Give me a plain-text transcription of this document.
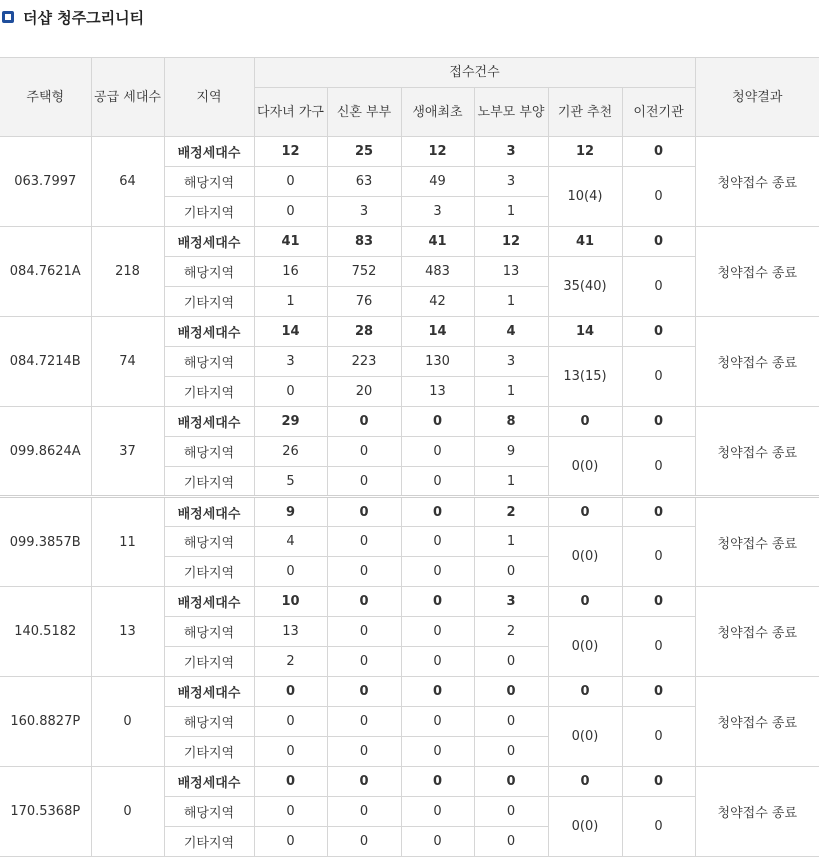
더샵 청주그리니티
주택형	공급 세대수	지역	접수건수						청약결과
			다자녀 가구	신혼 부부	생애최초	노부모 부양	기관 추천	이전기관	
063.7997	64	배정세대수	12	25	12	3	12	0	청약접수 종료
		해당지역	0	63	49	3	10(4)	0	
		기타지역	0	3	3	1			
084.7621A	218	배정세대수	41	83	41	12	41	0	청약접수 종료
		해당지역	16	752	483	13	35(40)	0	
		기타지역	1	76	42	1			
084.7214B	74	배정세대수	14	28	14	4	14	0	청약접수 종료
		해당지역	3	223	130	3	13(15)	0	
		기타지역	0	20	13	1			
099.8624A	37	배정세대수	29	0	0	8	0	0	청약접수 종료
		해당지역	26	0	0	9	0(0)	0	
		기타지역	5	0	0	1			
099.3857B	11	배정세대수	9	0	0	2	0	0	청약접수 종료
		해당지역	4	0	0	1	0(0)	0	
		기타지역	0	0	0	0			
140.5182	13	배정세대수	10	0	0	3	0	0	청약접수 종료
		해당지역	13	0	0	2	0(0)	0	
		기타지역	2	0	0	0			
160.8827P	0	배정세대수	0	0	0	0	0	0	청약접수 종료
		해당지역	0	0	0	0	0(0)	0	
		기타지역	0	0	0	0			
170.5368P	0	배정세대수	0	0	0	0	0	0	청약접수 종료
		해당지역	0	0	0	0	0(0)	0	
		기타지역	0	0	0	0			
